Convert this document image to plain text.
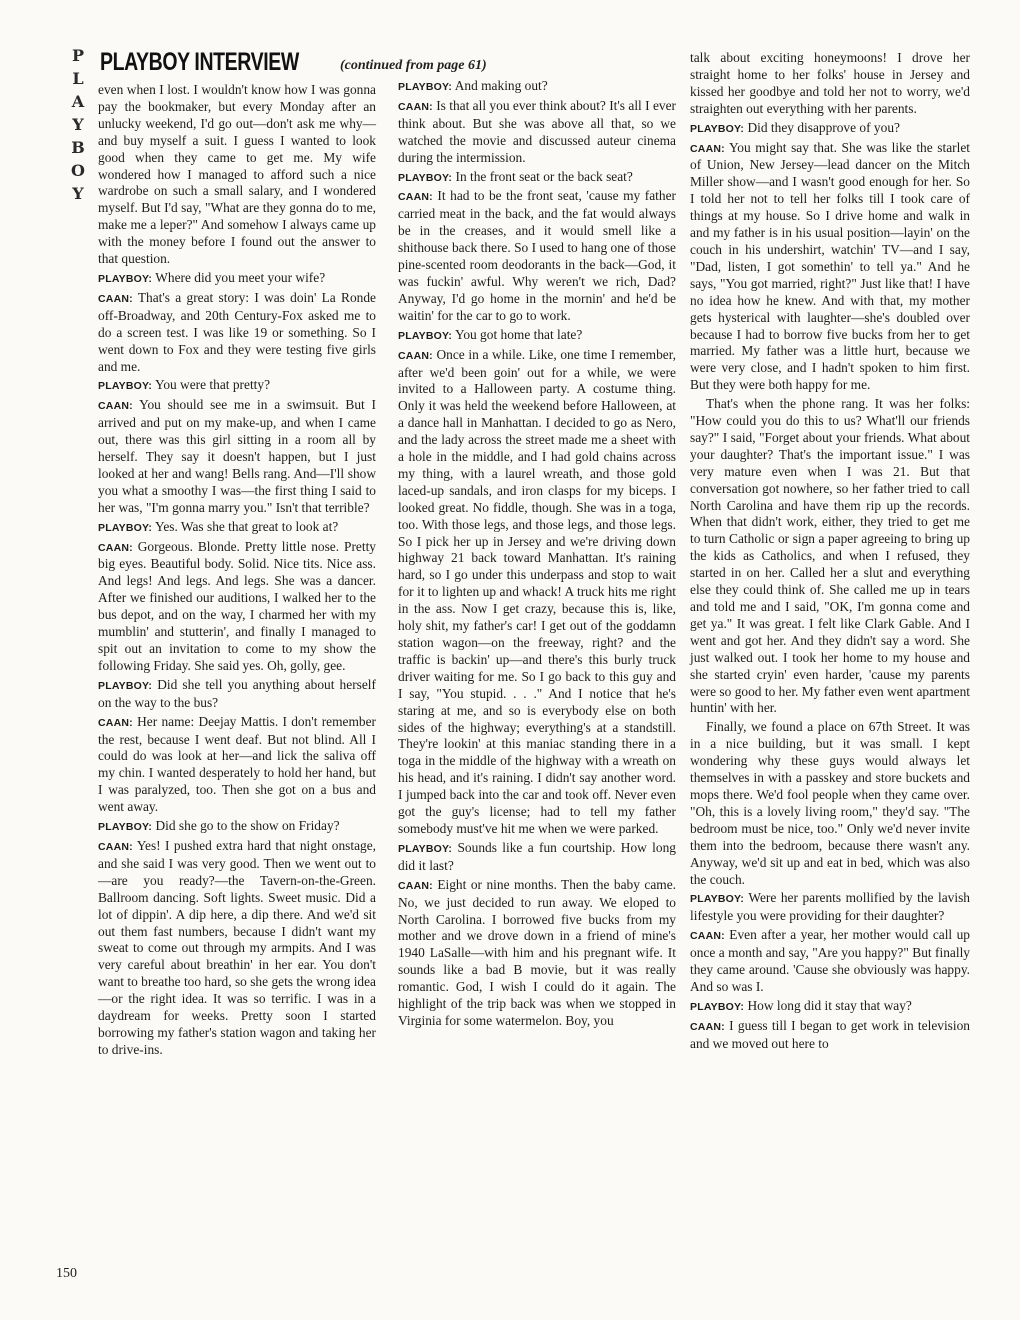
P
L
A
Y
B
O
Y
PLAYBOY INTERVIEW	(continued from page 61)

even when I lost. I wouldn't know how I was gonna pay the bookmaker, but every Monday after an unlucky weekend, I'd go out—don't ask me why—and buy myself a suit. I guess I wanted to look good when they came to get me. My wife wondered how I managed to afford such a nice wardrobe on such a small salary, and I wondered myself. But I'd say, "What are they gonna do to me, make me a leper?" And somehow I always came up with the money before I found out the answer to that question.

PLAYBOY: Where did you meet your wife?

CAAN: That's a great story: I was doin' La Ronde off-Broadway, and 20th Century-Fox asked me to do a screen test. I was like 19 or something. So I went down to Fox and they were testing five girls and me.

PLAYBOY: You were that pretty?

CAAN: You should see me in a swimsuit. But I arrived and put on my make-up, and when I came out, there was this girl sitting in a room all by herself. They say it doesn't happen, but I just looked at her and wang! Bells rang. And—I'll show you what a smoothy I was—the first thing I said to her was, "I'm gonna marry you." Isn't that terrible?

PLAYBOY: Yes. Was she that great to look at?

CAAN: Gorgeous. Blonde. Pretty little nose. Pretty big eyes. Beautiful body. Solid. Nice tits. Nice ass. And legs! And legs. And legs. She was a dancer. After we finished our auditions, I walked her to the bus depot, and on the way, I charmed her with my mumblin' and stutterin', and finally I managed to spit out an invitation to come to my show the following Friday. She said yes. Oh, golly, gee.

PLAYBOY: Did she tell you anything about herself on the way to the bus?

CAAN: Her name: Deejay Mattis. I don't remember the rest, because I went deaf. But not blind. All I could do was look at her—and lick the saliva off my chin. I wanted desperately to hold her hand, but I was paralyzed, too. Then she got on a bus and went away.

PLAYBOY: Did she go to the show on Friday?

CAAN: Yes! I pushed extra hard that night onstage, and she said I was very good. Then we went out to—are you ready?—the Tavern-on-the-Green. Ballroom dancing. Soft lights. Sweet music. Did a lot of dippin'. A dip here, a dip there. And we'd sit out them fast numbers, because I didn't want my sweat to come out through my armpits. And I was very careful about breathin' in her ear. You don't want to breathe too hard, so she gets the wrong idea—or the right idea. It was so terrific. I was in a daydream for weeks. Pretty soon I started borrowing my father's station wagon and taking her to drive-ins.

PLAYBOY: And making out?

CAAN: Is that all you ever think about? It's all I ever think about. But she was above all that, so we watched the movie and discussed auteur cinema during the intermission.

PLAYBOY: In the front seat or the back seat?

CAAN: It had to be the front seat, 'cause my father carried meat in the back, and the fat would always be in the creases, and it would smell like a shithouse back there. So I used to hang one of those pine-scented room deodorants in the back—God, it was fuckin' awful. Why weren't we rich, Dad? Anyway, I'd go home in the mornin' and he'd be waitin' for the car to go to work.

PLAYBOY: You got home that late?

CAAN: Once in a while. Like, one time I remember, after we'd been goin' out for a while, we were invited to a Halloween party. A costume thing. Only it was held the weekend before Halloween, at a dance hall in Manhattan. I decided to go as Nero, and the lady across the street made me a sheet with a hole in the middle, and I had gold chains across my thing, with a laurel wreath, and those gold laced-up sandals, and iron clasps for my biceps. I looked great. No fiddle, though. She was in a toga, too. With those legs, and those legs, and those legs. So I pick her up in Jersey and we're driving down highway 21 back toward Manhattan. It's raining hard, so I go under this underpass and stop to wait for it to lighten up and whack! A truck hits me right in the ass. Now I get crazy, because this is, like, holy shit, my father's car! I get out of the goddamn station wagon—on the freeway, right? and the traffic is backin' up—and there's this burly truck driver waiting for me. So I go back to this guy and I say, "You stupid. . . ." And I notice that he's staring at me, and so is everybody else on both sides of the highway; everything's at a standstill. They're lookin' at this maniac standing there in a toga in the middle of the highway with a wreath on his head, and it's raining. I didn't say another word. I jumped back into the car and took off. Never even got the guy's license; had to tell my father somebody must've hit me when we were parked.

PLAYBOY: Sounds like a fun courtship. How long did it last?

CAAN: Eight or nine months. Then the baby came. No, we just decided to run away. We eloped to North Carolina. I borrowed five bucks from my mother and we drove down in a friend of mine's 1940 LaSalle—with him and his pregnant wife. It sounds like a bad B movie, but it was really romantic. God, I wish I could do it again. The highlight of the trip back was when we stopped in Virginia for some watermelon. Boy, you

talk about exciting honeymoons! I drove her straight home to her folks' house in Jersey and kissed her goodbye and told her not to worry, we'd straighten out everything with her parents.

PLAYBOY: Did they disapprove of you?

CAAN: You might say that. She was like the starlet of Union, New Jersey—lead dancer on the Mitch Miller show—and I wasn't good enough for her. So I told her not to tell her folks till I took care of things at my house. So I drive home and walk in and my father is in his usual position—layin' on the couch in his undershirt, watchin' TV—and I say, "Dad, listen, I got somethin' to tell ya." And he says, "You got married, right?" Just like that! I have no idea how he knew. And with that, my mother gets hysterical with laughter—she's doubled over because I had to borrow five bucks from her to get married. My father was a little hurt, because we were very close, and I hadn't spoken to him first. But they were both happy for me.

That's when the phone rang. It was her folks: "How could you do this to us? What'll our friends say?" I said, "Forget about your friends. What about your daughter? That's the important issue." I was very mature even when I was 21. But that conversation got nowhere, so her father tried to call North Carolina and have them rip up the records. When that didn't work, either, they tried to get me to turn Catholic or sign a paper agreeing to bring up the kids as Catholics, and when I refused, they started in on her. Called her a slut and everything else they could think of. She called me up in tears and told me and I said, "OK, I'm gonna come and get ya." It was great. I felt like Clark Gable. And I went and got her. And they didn't say a word. She just walked out. I took her home to my house and she started cryin' even harder, 'cause my parents were so good to her. My father even went apartment huntin' with her.

Finally, we found a place on 67th Street. It was in a nice building, but it was small. I kept wondering why these guys would always let themselves in with a passkey and store buckets and mops there. We'd fool people when they came over. "Oh, this is a lovely living room," they'd say. "The bedroom must be nice, too." Only we'd never invite them into the bedroom, because there wasn't any. Anyway, we'd sit up and eat in bed, which was also the couch.

PLAYBOY: Were her parents mollified by the lavish lifestyle you were providing for their daughter?

CAAN: Even after a year, her mother would call up once a month and say, "Are you happy?" But finally they came around. 'Cause she obviously was happy. And so was I.

PLAYBOY: How long did it stay that way?

CAAN: I guess till I began to get work in television and we moved out here to

150
